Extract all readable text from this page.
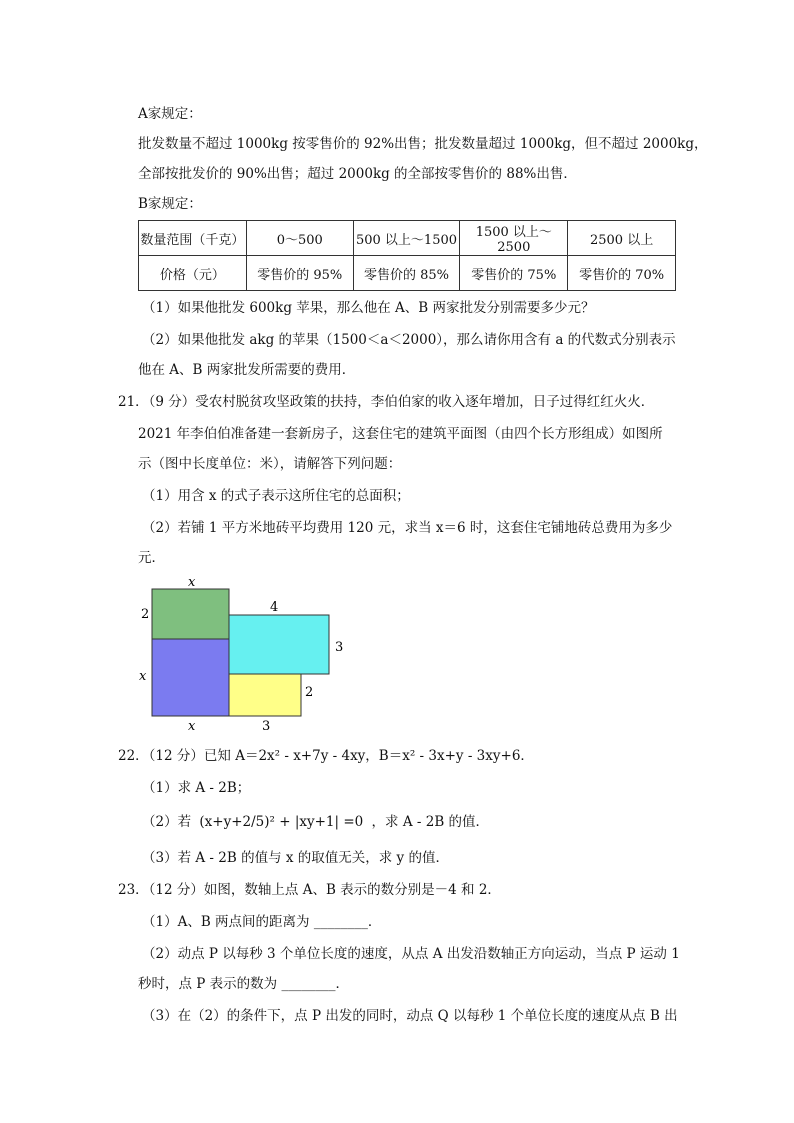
A家规定：
批发数量不超过 1000kg 按零售价的 92%出售；批发数量超过 1000kg，但不超过 2000kg，
全部按批发价的 90%出售；超过 2000kg 的全部按零售价的 88%出售．
B家规定：
数量范围（千克）	0～500	500 以上～1500	1500 以上～2500	2500 以上
价格（元）	零售价的 95%	零售价的 85%	零售价的 75%	零售价的 70%
（1）如果他批发 600kg 苹果，那么他在 A、B 两家批发分别需要多少元？
（2）如果他批发 akg 的苹果（1500＜a＜2000），那么请你用含有 a 的代数式分别表示
他在 A、B 两家批发所需要的费用．
21．（9 分）受农村脱贫攻坚政策的扶持，李伯伯家的收入逐年增加，日子过得红红火火．
2021 年李伯伯准备建一套新房子，这套住宅的建筑平面图（由四个长方形组成）如图所
示（图中长度单位：米），请解答下列问题：
（1）用含 x 的式子表示这所住宅的总面积；
（2）若铺 1 平方米地砖平均费用 120 元，求当 x＝6 时，这套住宅铺地砖总费用为多少
元．
x
2	4
3
x
2
x	3
22．（12 分）已知 A＝2x² - x+7y - 4xy，B＝x² - 3x+y - 3xy+6．
（1）求 A - 2B；
（2）若 (x+y+2/5)² + |xy+1| =0 ，求 A - 2B 的值．
（3）若 A - 2B 的值与 x 的取值无关，求 y 的值．
23．（12 分）如图，数轴上点 A、B 表示的数分别是－4 和 2．
（1）A、B 两点间的距离为 ________．
（2）动点 P 以每秒 3 个单位长度的速度，从点 A 出发沿数轴正方向运动，当点 P 运动 1
秒时，点 P 表示的数为 ________．
（3）在（2）的条件下，点 P 出发的同时，动点 Q 以每秒 1 个单位长度的速度从点 B 出
